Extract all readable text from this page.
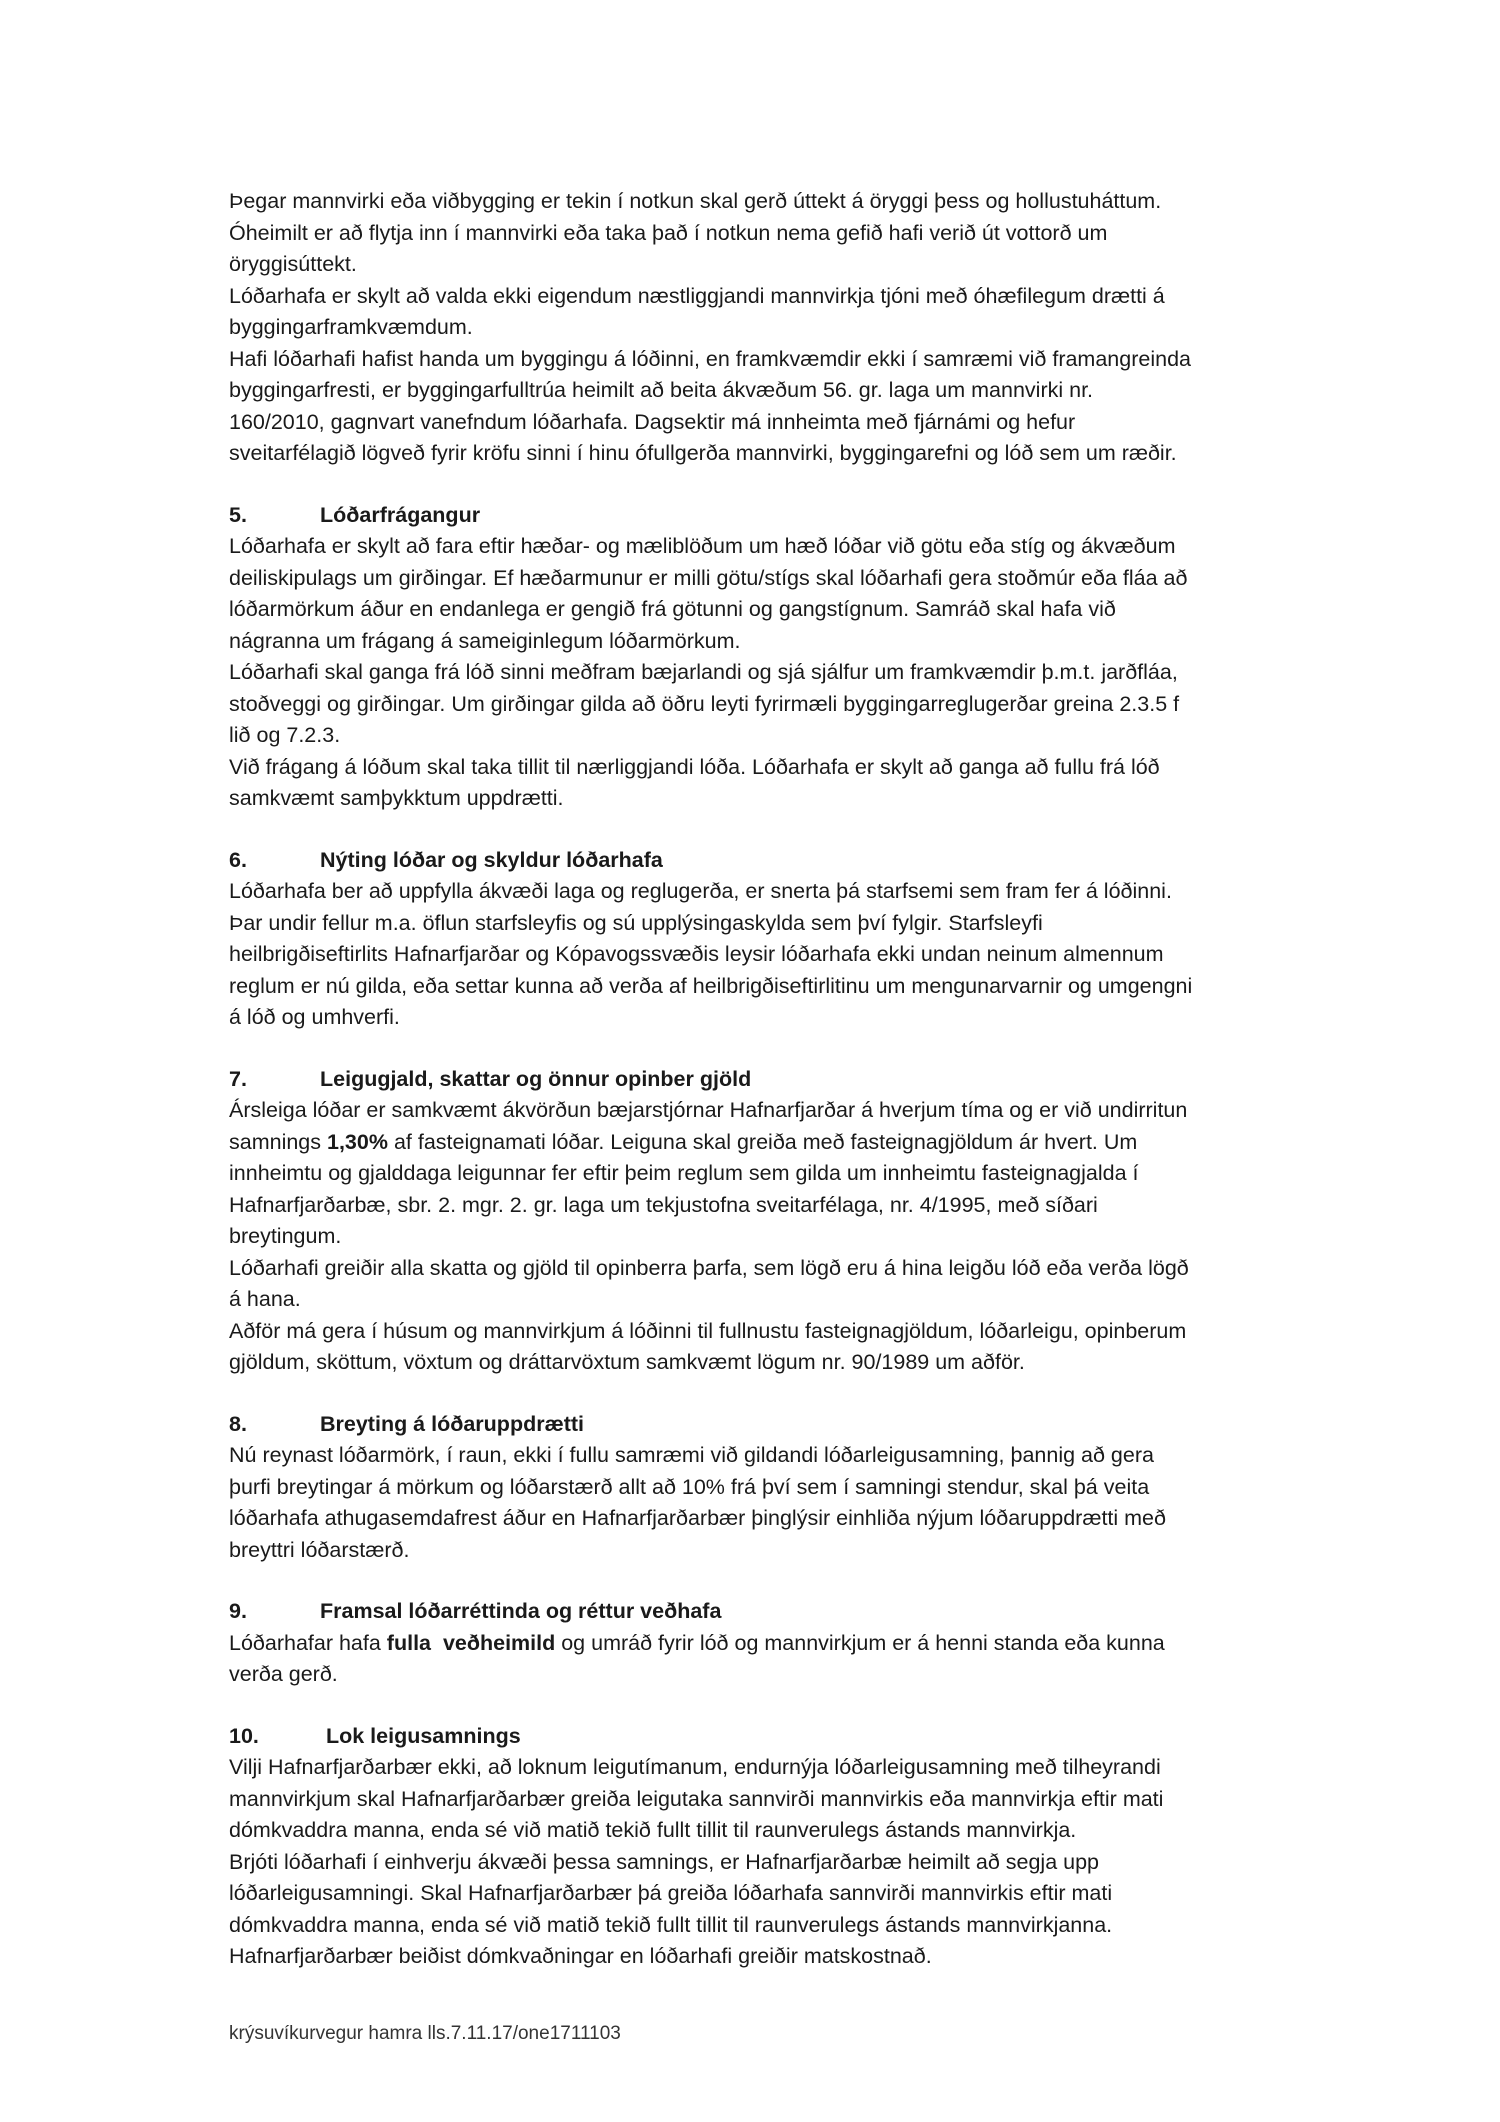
Þegar mannvirki eða viðbygging er tekin í notkun skal gerð úttekt á öryggi þess og hollustuháttum.

Óheimilt er að flytja inn í mannvirki eða taka það í notkun nema gefið hafi verið út vottorð um

öryggisúttekt.

Lóðarhafa er skylt að valda ekki eigendum næstliggjandi mannvirkja tjóni með óhæfilegum drætti á

byggingarframkvæmdum.

Hafi lóðarhafi hafist handa um byggingu á lóðinni, en framkvæmdir ekki í samræmi við framangreinda

byggingarfresti, er byggingarfulltrúa heimilt að beita ákvæðum 56. gr. laga um mannvirki nr.

160/2010, gagnvart vanefndum lóðarhafa. Dagsektir má innheimta með fjárnámi og hefur

sveitarfélagið lögveð fyrir kröfu sinni í hinu ófullgerða mannvirki, byggingarefni og lóð sem um ræðir.

5.	Lóðarfrágangur

Lóðarhafa er skylt að fara eftir hæðar- og mæliblöðum um hæð lóðar við götu eða stíg og ákvæðum

deiliskipulags um girðingar. Ef hæðarmunur er milli götu/stígs skal lóðarhafi gera stoðmúr eða fláa að

lóðarmörkum áður en endanlega er gengið frá götunni og gangstígnum. Samráð skal hafa við

nágranna um frágang á sameiginlegum lóðarmörkum.

Lóðarhafi skal ganga frá lóð sinni meðfram bæjarlandi og sjá sjálfur um framkvæmdir þ.m.t. jarðfláa,

stoðveggi og girðingar. Um girðingar gilda að öðru leyti fyrirmæli byggingarreglugerðar greina 2.3.5 f

lið og 7.2.3.

Við frágang á lóðum skal taka tillit til nærliggjandi lóða. Lóðarhafa er skylt að ganga að fullu frá lóð

samkvæmt samþykktum uppdrætti.

6.	Nýting lóðar og skyldur lóðarhafa

Lóðarhafa ber að uppfylla ákvæði laga og reglugerða, er snerta þá starfsemi sem fram fer á lóðinni.

Þar undir fellur m.a. öflun starfsleyfis og sú upplýsingaskylda sem því fylgir. Starfsleyfi

heilbrigðiseftirlits Hafnarfjarðar og Kópavogssvæðis leysir lóðarhafa ekki undan neinum almennum

reglum er nú gilda, eða settar kunna að verða af heilbrigðiseftirlitinu um mengunarvarnir og umgengni

á lóð og umhverfi.

7.	Leigugjald, skattar og önnur opinber gjöld

Ársleiga lóðar er samkvæmt ákvörðun bæjarstjórnar Hafnarfjarðar á hverjum tíma og er við undirritun

samnings 1,30% af fasteignamati lóðar. Leiguna skal greiða með fasteignagjöldum ár hvert. Um

innheimtu og gjalddaga leigunnar fer eftir þeim reglum sem gilda um innheimtu fasteignagjalda í

Hafnarfjarðarbæ, sbr. 2. mgr. 2. gr. laga um tekjustofna sveitarfélaga, nr. 4/1995, með síðari

breytingum.

Lóðarhafi greiðir alla skatta og gjöld til opinberra þarfa, sem lögð eru á hina leigðu lóð eða verða lögð

á hana.

Aðför má gera í húsum og mannvirkjum á lóðinni til fullnustu fasteignagjöldum, lóðarleigu, opinberum

gjöldum, sköttum, vöxtum og dráttarvöxtum samkvæmt lögum nr. 90/1989 um aðför.

8.	Breyting á lóðaruppdrætti

Nú reynast lóðarmörk, í raun, ekki í fullu samræmi við gildandi lóðarleigusamning, þannig að gera

þurfi breytingar á mörkum og lóðarstærð allt að 10% frá því sem í samningi stendur, skal þá veita

lóðarhafa athugasemdafrest áður en Hafnarfjarðarbær þinglýsir einhliða nýjum lóðaruppdrætti með

breyttri lóðarstærð.

9.	Framsal lóðarréttinda og réttur veðhafa

Lóðarhafar hafa fulla  veðheimild og umráð fyrir lóð og mannvirkjum er á henni standa eða kunna

verða gerð.

10.	Lok leigusamnings

Vilji Hafnarfjarðarbær ekki, að loknum leigutímanum, endurnýja lóðarleigusamning með tilheyrandi

mannvirkjum skal Hafnarfjarðarbær greiða leigutaka sannvirði mannvirkis eða mannvirkja eftir mati

dómkvaddra manna, enda sé við matið tekið fullt tillit til raunverulegs ástands mannvirkja.

Brjóti lóðarhafi í einhverju ákvæði þessa samnings, er Hafnarfjarðarbæ heimilt að segja upp

lóðarleigusamningi. Skal Hafnarfjarðarbær þá greiða lóðarhafa sannvirði mannvirkis eftir mati

dómkvaddra manna, enda sé við matið tekið fullt tillit til raunverulegs ástands mannvirkjanna.

Hafnarfjarðarbær beiðist dómkvaðningar en lóðarhafi greiðir matskostnað.

krýsuvíkurvegur hamra lls.7.11.17/one1711103
